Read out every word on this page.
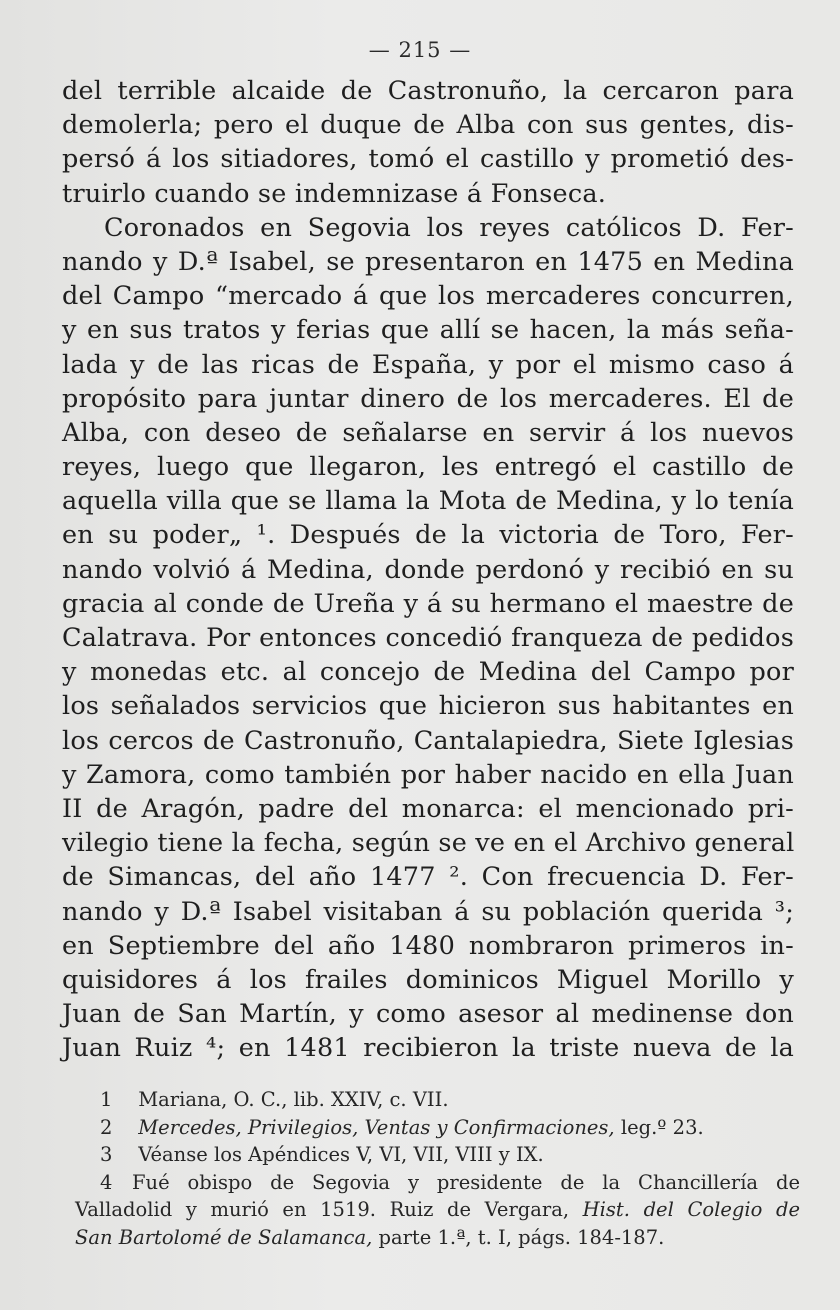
— 215 —
del terrible alcaide de Castronuño, la cercaron para
demolerla; pero el duque de Alba con sus gentes, dis-
persó á los sitiadores, tomó el castillo y prometió des-
truirlo cuando se indemnizase á Fonseca.
Coronados en Segovia los reyes católicos D. Fer-
nando y D.ª Isabel, se presentaron en 1475 en Medina
del Campo “mercado á que los mercaderes concurren,
y en sus tratos y ferias que allí se hacen, la más seña-
lada y de las ricas de España, y por el mismo caso á
propósito para juntar dinero de los mercaderes. El de
Alba, con deseo de señalarse en servir á los nuevos
reyes, luego que llegaron, les entregó el castillo de
aquella villa que se llama la Mota de Medina, y lo tenía
en su poder„ ¹. Después de la victoria de Toro, Fer-
nando volvió á Medina, donde perdonó y recibió en su
gracia al conde de Ureña y á su hermano el maestre de
Calatrava. Por entonces concedió franqueza de pedidos
y monedas etc. al concejo de Medina del Campo por
los señalados servicios que hicieron sus habitantes en
los cercos de Castronuño, Cantalapiedra, Siete Iglesias
y Zamora, como también por haber nacido en ella Juan
II de Aragón, padre del monarca: el mencionado pri-
vilegio tiene la fecha, según se ve en el Archivo general
de Simancas, del año 1477 ². Con frecuencia D. Fer-
nando y D.ª Isabel visitaban á su población querida ³;
en Septiembre del año 1480 nombraron primeros in-
quisidores á los frailes dominicos Miguel Morillo y
Juan de San Martín, y como asesor al medinense don
Juan Ruiz ⁴; en 1481 recibieron la triste nueva de la
1 Mariana, O. C., lib. XXIV, c. VII.
2 Mercedes, Privilegios, Ventas y Confirmaciones, leg.º 23.
3 Véanse los Apéndices V, VI, VII, VIII y IX.
4 Fué obispo de Segovia y presidente de la Chancillería de
Valladolid y murió en 1519. Ruiz de Vergara, Hist. del Colegio de
San Bartolomé de Salamanca, parte 1.ª, t. I, págs. 184-187.
